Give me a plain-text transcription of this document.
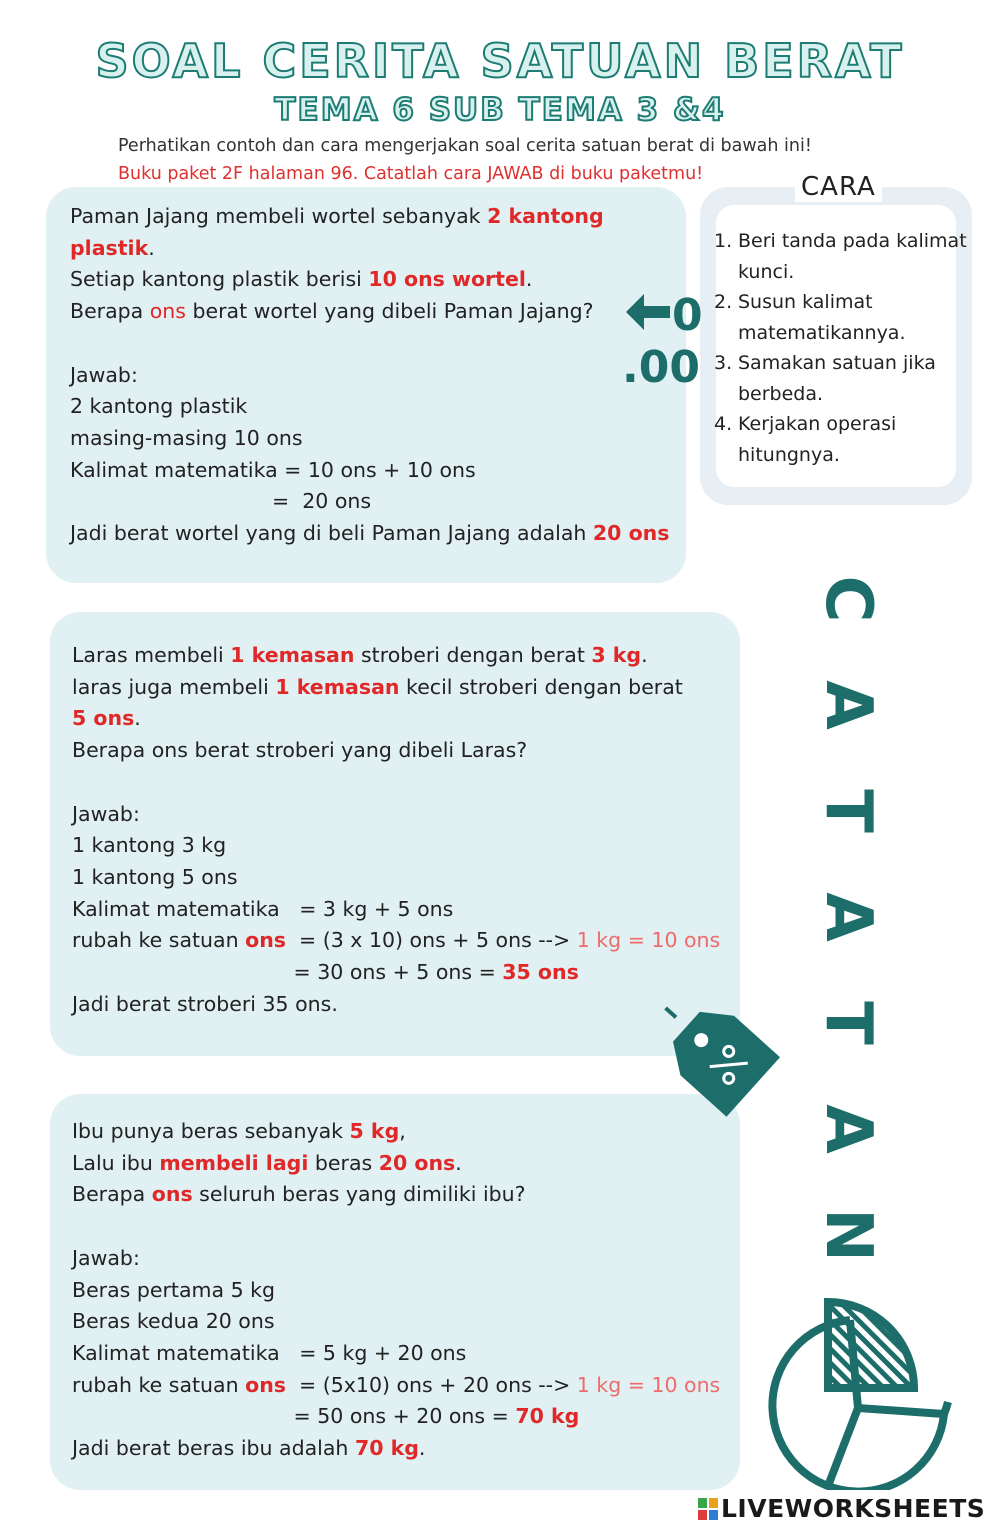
SOAL CERITA SATUAN BERAT
TEMA 6 SUB TEMA 3 &4
Perhatikan contoh dan cara mengerjakan soal cerita satuan berat di bawah ini!
Buku paket 2F halaman 96. Catatlah cara JAWAB di buku paketmu!
Paman Jajang membeli wortel sebanyak 2 kantong
plastik.
Setiap kantong plastik berisi 10 ons wortel.
Berapa ons berat wortel yang dibeli Paman Jajang?

Jawab:
2 kantong plastik
masing-masing 10 ons
Kalimat matematika = 10 ons + 10 ons
=  20 ons
Jadi berat wortel yang di beli Paman Jajang adalah 20 ons
Laras membeli 1 kemasan stroberi dengan berat 3 kg.
laras juga membeli 1 kemasan kecil stroberi dengan berat
5 ons.
Berapa ons berat stroberi yang dibeli Laras?

Jawab:
1 kantong 3 kg
1 kantong 5 ons
Kalimat matematika   = 3 kg + 5 ons
rubah ke satuan ons  = (3 x 10) ons + 5 ons --> 1 kg = 10 ons
= 30 ons + 5 ons = 35 ons
Jadi berat stroberi 35 ons.
Ibu punya beras sebanyak 5 kg,
Lalu ibu membeli lagi beras 20 ons.
Berapa ons seluruh beras yang dimiliki ibu?

Jawab:
Beras pertama 5 kg
Beras kedua 20 ons
Kalimat matematika   = 5 kg + 20 ons
rubah ke satuan ons  = (5x10) ons + 20 ons --> 1 kg = 10 ons
= 50 ons + 20 ons = 70 kg
Jadi berat beras ibu adalah 70 kg.
CARA
1. Beri tanda pada kalimat kunci.
2. Susun kalimat matematikannya.
3. Samakan satuan jika berbeda.
4. Kerjakan operasi hitungnya.
0
.00
C
A
T
A
T
A
N
LIVEWORKSHEETS
